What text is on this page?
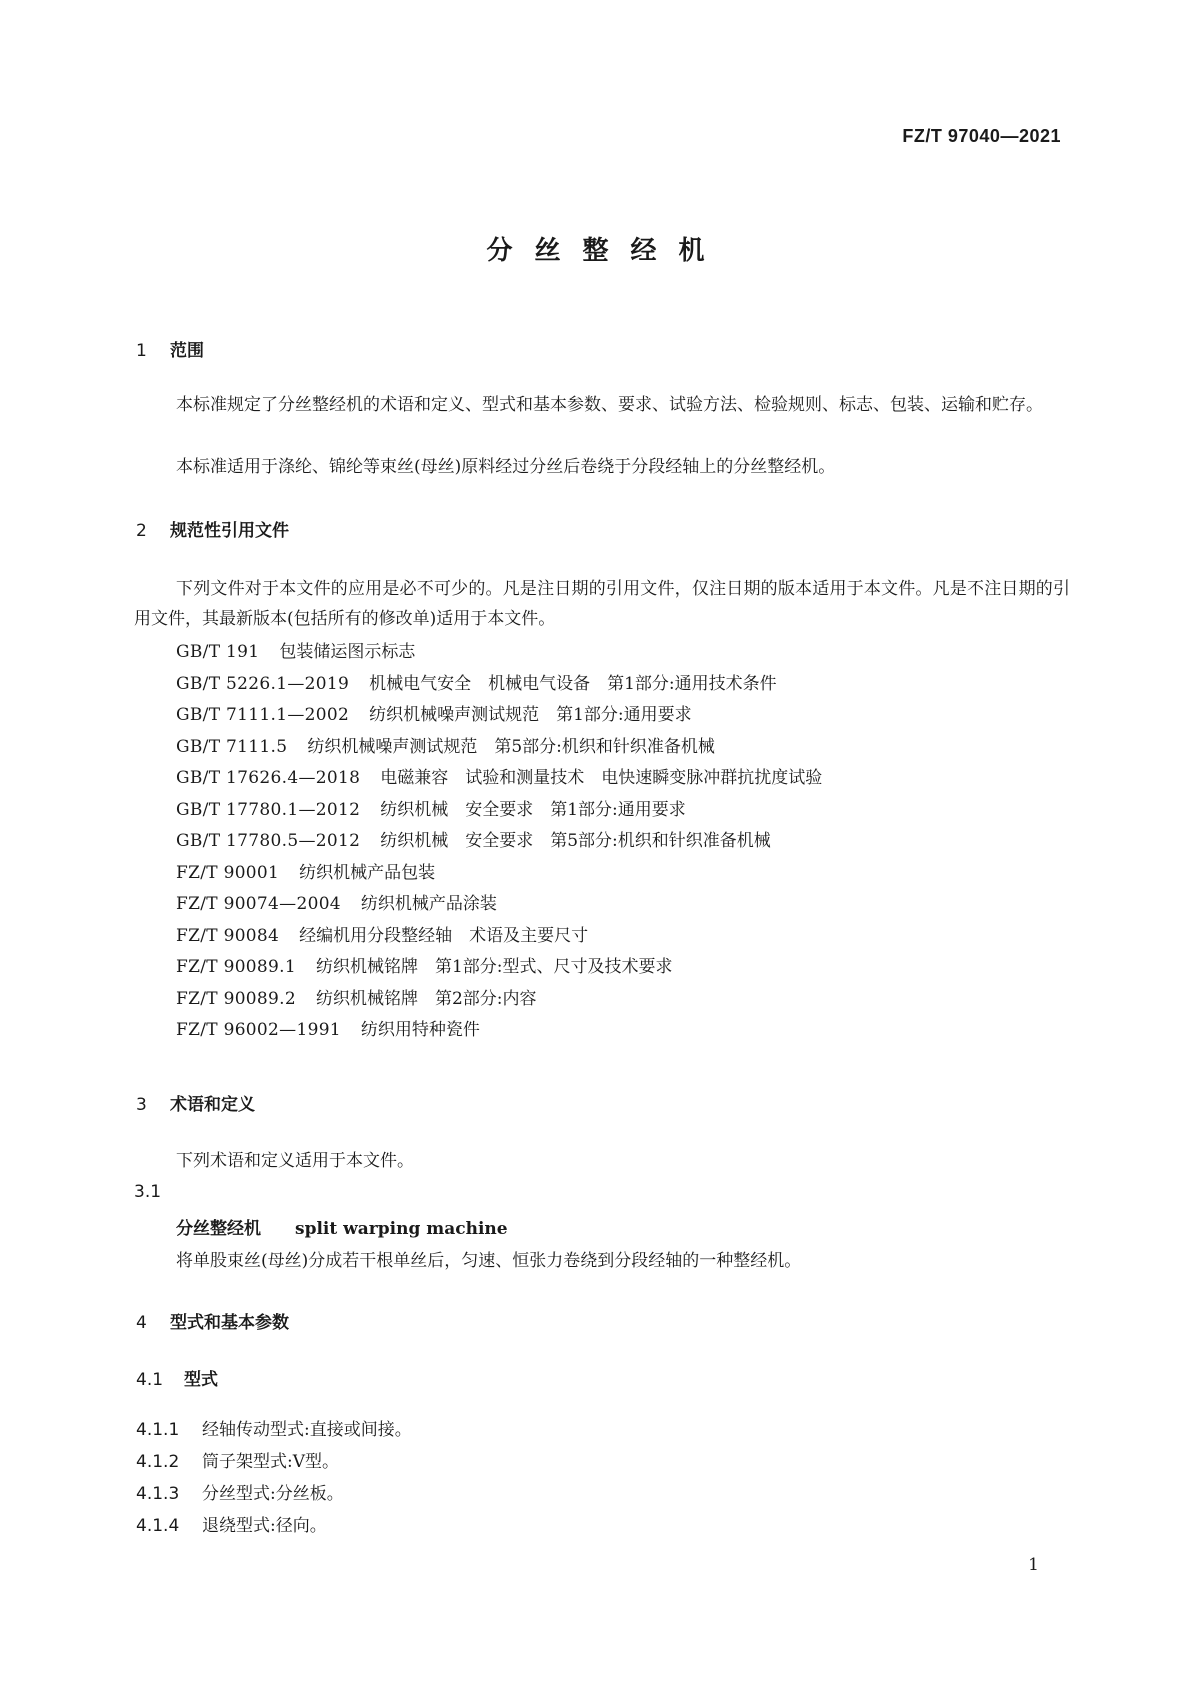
FZ/T 97040—2021
分丝整经机
1 范围
本标准规定了分丝整经机的术语和定义、型式和基本参数、要求、试验方法、检验规则、标志、包装、运输和贮存。
本标准适用于涤纶、锦纶等束丝(母丝)原料经过分丝后卷绕于分段经轴上的分丝整经机。
2 规范性引用文件
下列文件对于本文件的应用是必不可少的。凡是注日期的引用文件，仅注日期的版本适用于本文件。凡是不注日期的引用文件，其最新版本(包括所有的修改单)适用于本文件。
GB/T 191 包装储运图示标志
GB/T 5226.1—2019 机械电气安全　机械电气设备　第1部分:通用技术条件
GB/T 7111.1—2002 纺织机械噪声测试规范　第1部分:通用要求
GB/T 7111.5 纺织机械噪声测试规范　第5部分:机织和针织准备机械
GB/T 17626.4—2018 电磁兼容　试验和测量技术　电快速瞬变脉冲群抗扰度试验
GB/T 17780.1—2012 纺织机械　安全要求　第1部分:通用要求
GB/T 17780.5—2012 纺织机械　安全要求　第5部分:机织和针织准备机械
FZ/T 90001 纺织机械产品包装
FZ/T 90074—2004 纺织机械产品涂装
FZ/T 90084 经编机用分段整经轴　术语及主要尺寸
FZ/T 90089.1 纺织机械铭牌　第1部分:型式、尺寸及技术要求
FZ/T 90089.2 纺织机械铭牌　第2部分:内容
FZ/T 96002—1991 纺织用特种瓷件
3 术语和定义
下列术语和定义适用于本文件。
3.1
分丝整经机 split warping machine
将单股束丝(母丝)分成若干根单丝后，匀速、恒张力卷绕到分段经轴的一种整经机。
4 型式和基本参数
4.1 型式
4.1.1 经轴传动型式:直接或间接。
4.1.2 筒子架型式:V型。
4.1.3 分丝型式:分丝板。
4.1.4 退绕型式:径向。
1
